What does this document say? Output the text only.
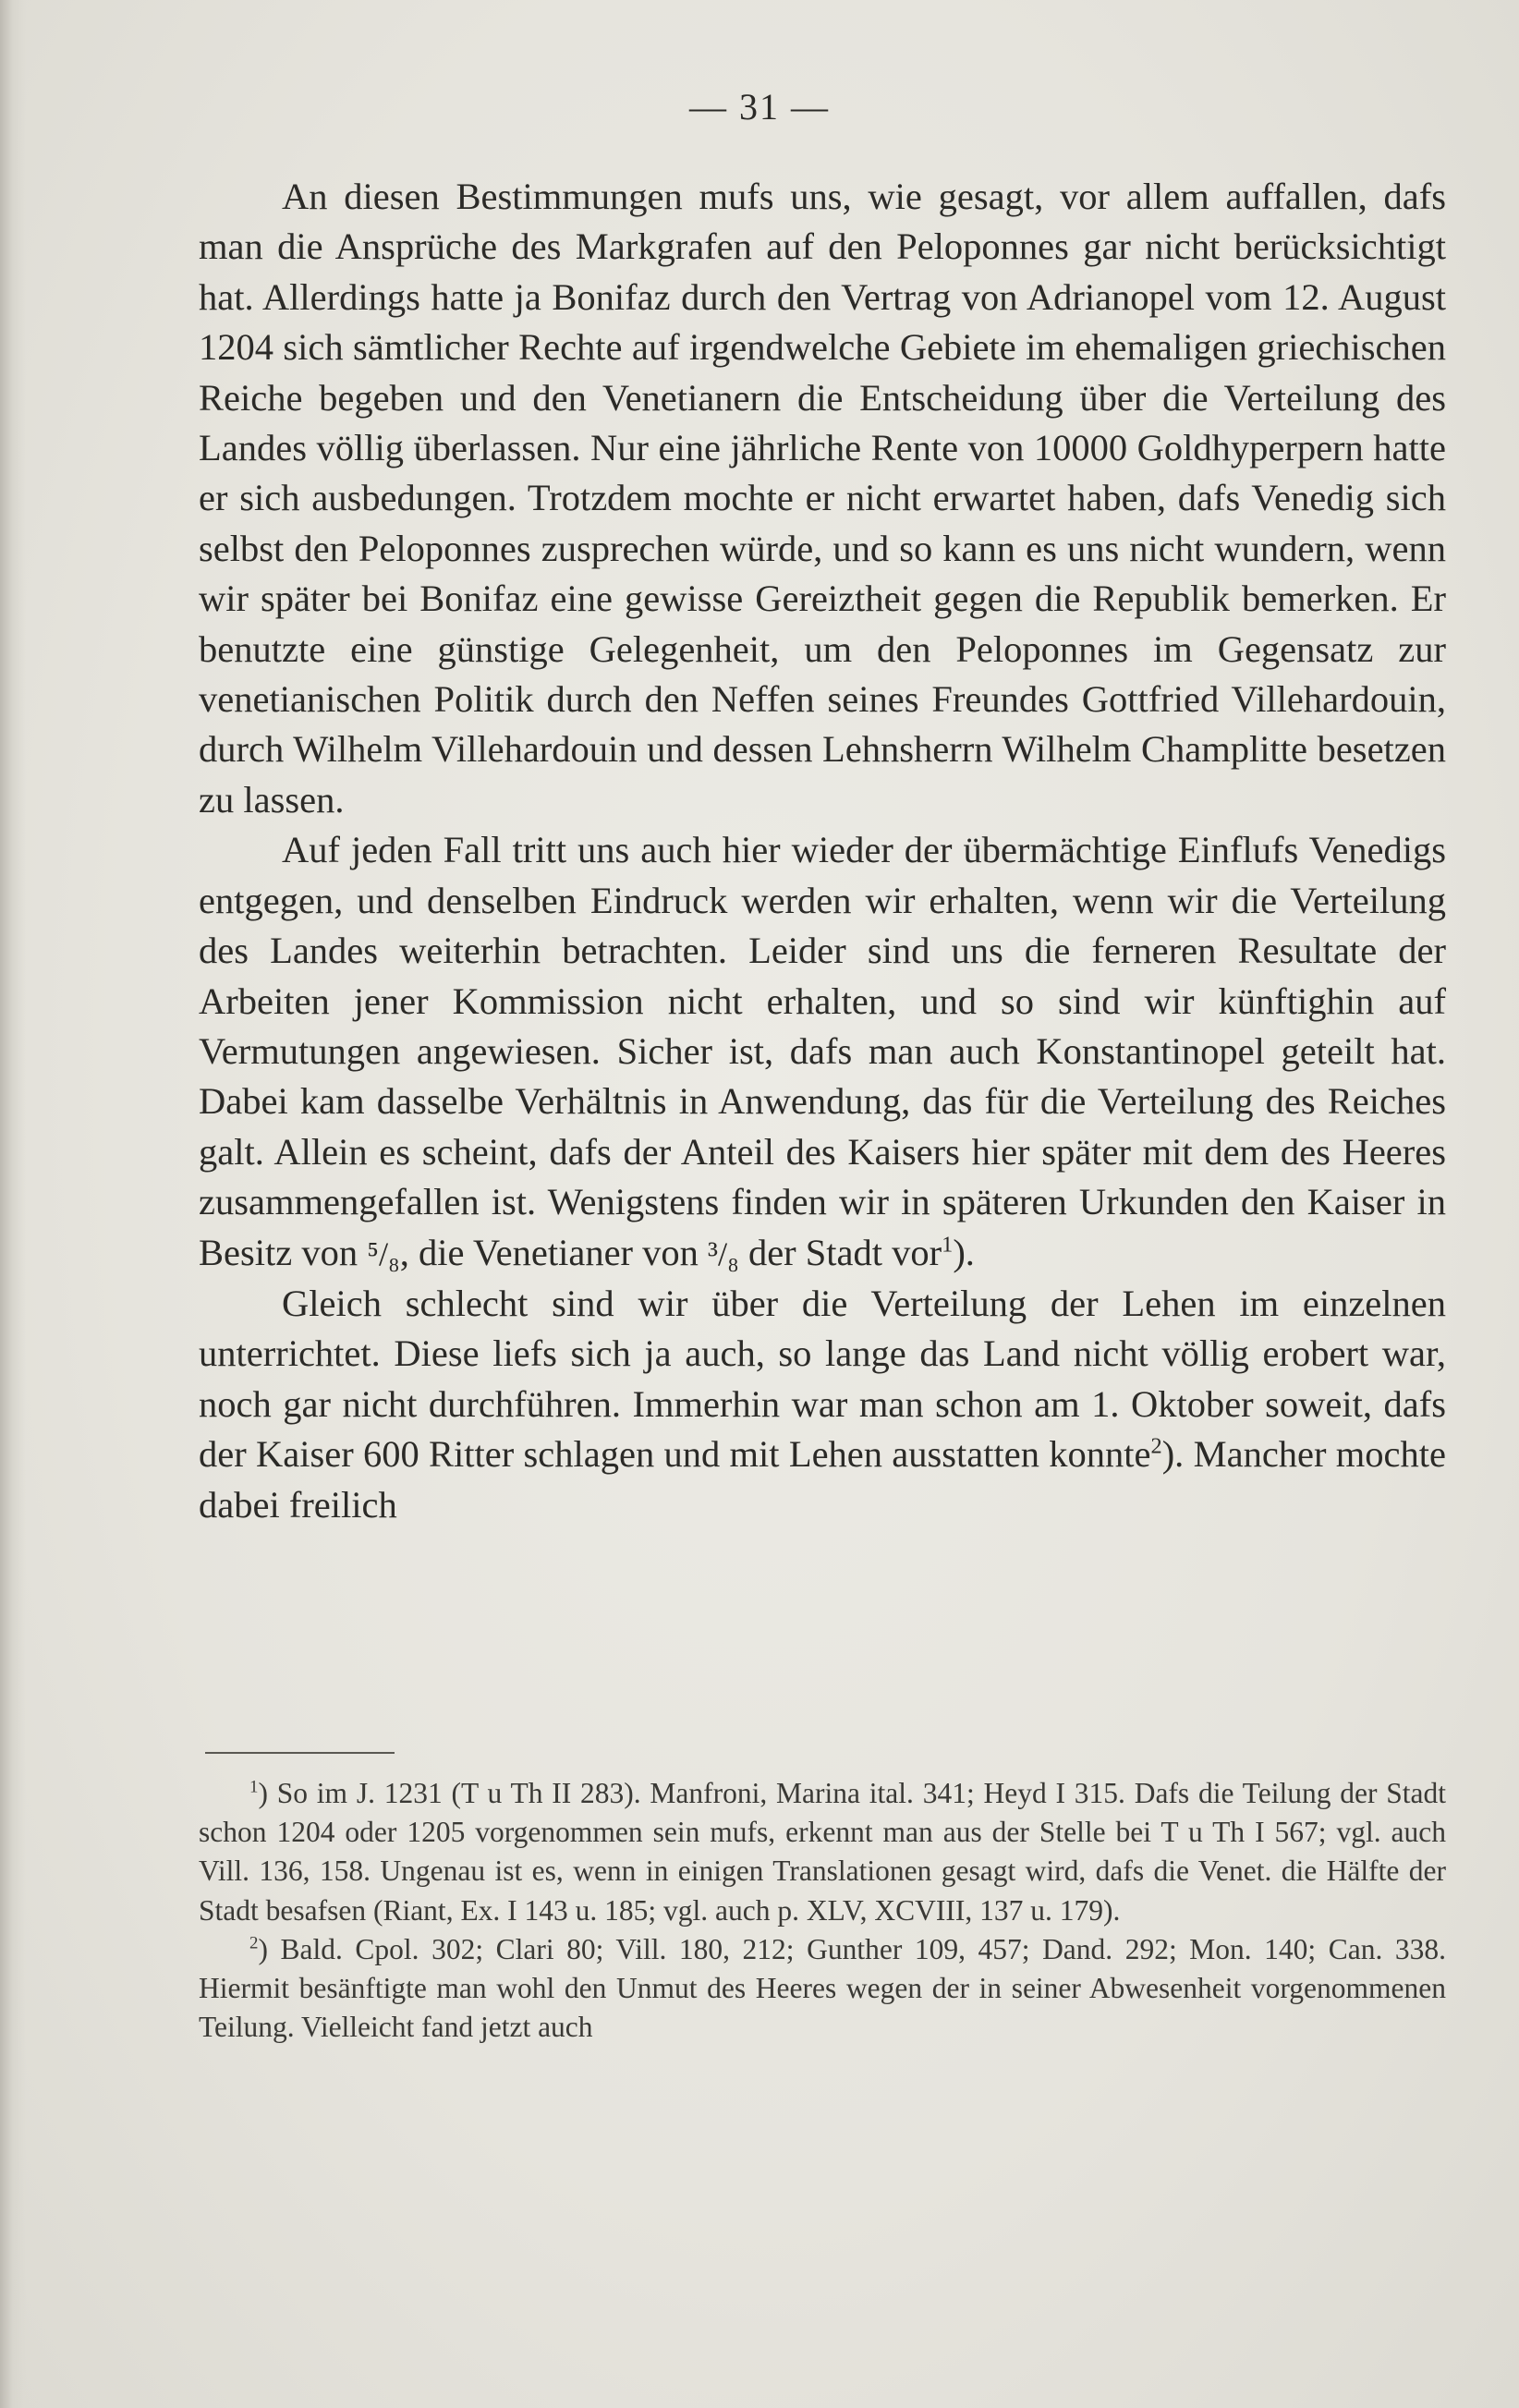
— 31 —

An diesen Bestimmungen mufs uns, wie gesagt, vor allem auffallen, dafs man die Ansprüche des Markgrafen auf den Peloponnes gar nicht berücksichtigt hat. Allerdings hatte ja Bonifaz durch den Vertrag von Adrianopel vom 12. August 1204 sich sämtlicher Rechte auf irgendwelche Gebiete im ehemaligen griechischen Reiche begeben und den Venetianern die Entscheidung über die Verteilung des Landes völlig überlassen. Nur eine jährliche Rente von 10000 Goldhyperpern hatte er sich ausbedungen. Trotzdem mochte er nicht erwartet haben, dafs Venedig sich selbst den Peloponnes zusprechen würde, und so kann es uns nicht wundern, wenn wir später bei Bonifaz eine gewisse Gereiztheit gegen die Republik bemerken. Er benutzte eine günstige Gelegenheit, um den Peloponnes im Gegensatz zur venetianischen Politik durch den Neffen seines Freundes Gottfried Villehardouin, durch Wilhelm Villehardouin und dessen Lehnsherrn Wilhelm Champlitte besetzen zu lassen.

Auf jeden Fall tritt uns auch hier wieder der übermächtige Einflufs Venedigs entgegen, und denselben Eindruck werden wir erhalten, wenn wir die Verteilung des Landes weiterhin betrachten. Leider sind uns die ferneren Resultate der Arbeiten jener Kommission nicht erhalten, und so sind wir künftighin auf Vermutungen angewiesen. Sicher ist, dafs man auch Konstantinopel geteilt hat. Dabei kam dasselbe Verhältnis in Anwendung, das für die Verteilung des Reiches galt. Allein es scheint, dafs der Anteil des Kaisers hier später mit dem des Heeres zusammengefallen ist. Wenigstens finden wir in späteren Urkunden den Kaiser in Besitz von ⁵/₈, die Venetianer von ³/₈ der Stadt vor$^1$).

Gleich schlecht sind wir über die Verteilung der Lehen im einzelnen unterrichtet. Diese liefs sich ja auch, so lange das Land nicht völlig erobert war, noch gar nicht durchführen. Immerhin war man schon am 1. Oktober soweit, dafs der Kaiser 600 Ritter schlagen und mit Lehen ausstatten konnte$^2$). Mancher mochte dabei freilich

$^1$) So im J. 1231 (T u Th II 283). Manfroni, Marina ital. 341; Heyd I 315. Dafs die Teilung der Stadt schon 1204 oder 1205 vorgenommen sein mufs, erkennt man aus der Stelle bei T u Th I 567; vgl. auch Vill. 136, 158. Ungenau ist es, wenn in einigen Translationen gesagt wird, dafs die Venet. die Hälfte der Stadt besafsen (Riant, Ex. I 143 u. 185; vgl. auch p. XLV, XCVIII, 137 u. 179).

$^2$) Bald. Cpol. 302; Clari 80; Vill. 180, 212; Gunther 109, 457; Dand. 292; Mon. 140; Can. 338. Hiermit besänftigte man wohl den Unmut des Heeres wegen der in seiner Abwesenheit vorgenommenen Teilung. Vielleicht fand jetzt auch
